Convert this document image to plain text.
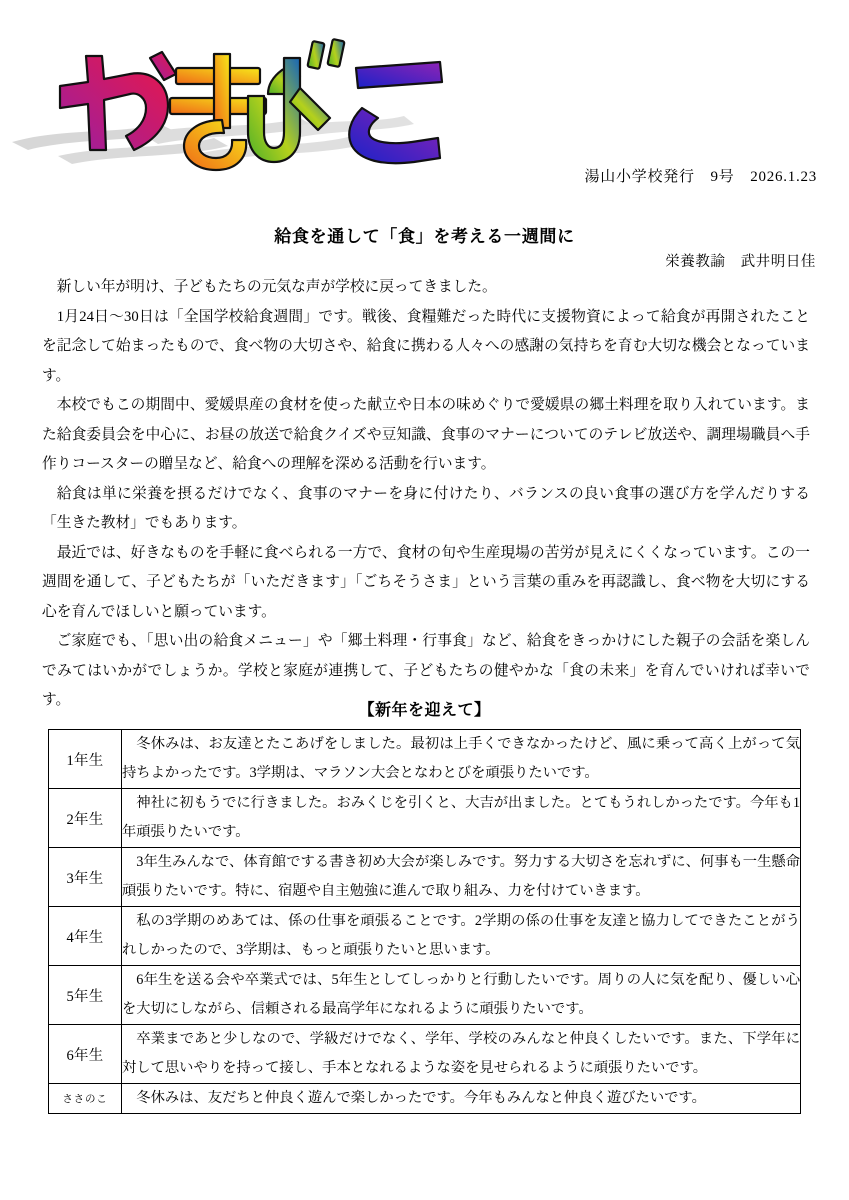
湯山小学校発行　9号　2026.1.23
給食を通して「食」を考える一週間に
栄養教諭　武井明日佳

新しい年が明け、子どもたちの元気な声が学校に戻ってきました。

1月24日～30日は「全国学校給食週間」です。戦後、食糧難だった時代に支援物資によって給食が再開されたことを記念して始まったもので、食べ物の大切さや、給食に携わる人々への感謝の気持ちを育む大切な機会となっています。

本校でもこの期間中、愛媛県産の食材を使った献立や日本の味めぐりで愛媛県の郷土料理を取り入れています。また給食委員会を中心に、お昼の放送で給食クイズや豆知識、食事のマナーについてのテレビ放送や、調理場職員へ手作りコースターの贈呈など、給食への理解を深める活動を行います。

給食は単に栄養を摂るだけでなく、食事のマナーを身に付けたり、バランスの良い食事の選び方を学んだりする「生きた教材」でもあります。

最近では、好きなものを手軽に食べられる一方で、食材の旬や生産現場の苦労が見えにくくなっています。この一週間を通して、子どもたちが「いただきます」「ごちそうさま」という言葉の重みを再認識し、食べ物を大切にする心を育んでほしいと願っています。

ご家庭でも、「思い出の給食メニュー」や「郷土料理・行事食」など、給食をきっかけにした親子の会話を楽しんでみてはいかがでしょうか。学校と家庭が連携して、子どもたちの健やかな「食の未来」を育んでいければ幸いです。

【新年を迎えて】
1年生	冬休みは、お友達とたこあげをしました。最初は上手くできなかったけど、風に乗って高く上がって気持ちよかったです。3学期は、マラソン大会となわとびを頑張りたいです。
2年生	神社に初もうでに行きました。おみくじを引くと、大吉が出ました。とてもうれしかったです。今年も1年頑張りたいです。
3年生	3年生みんなで、体育館でする書き初め大会が楽しみです。努力する大切さを忘れずに、何事も一生懸命頑張りたいです。特に、宿題や自主勉強に進んで取り組み、力を付けていきます。
4年生	私の3学期のめあては、係の仕事を頑張ることです。2学期の係の仕事を友達と協力してできたことがうれしかったので、3学期は、もっと頑張りたいと思います。
5年生	6年生を送る会や卒業式では、5年生としてしっかりと行動したいです。周りの人に気を配り、優しい心を大切にしながら、信頼される最高学年になれるように頑張りたいです。
6年生	卒業まであと少しなので、学級だけでなく、学年、学校のみんなと仲良くしたいです。また、下学年に対して思いやりを持って接し、手本となれるような姿を見せられるように頑張りたいです。
ささのこ	冬休みは、友だちと仲良く遊んで楽しかったです。今年もみんなと仲良く遊びたいです。
